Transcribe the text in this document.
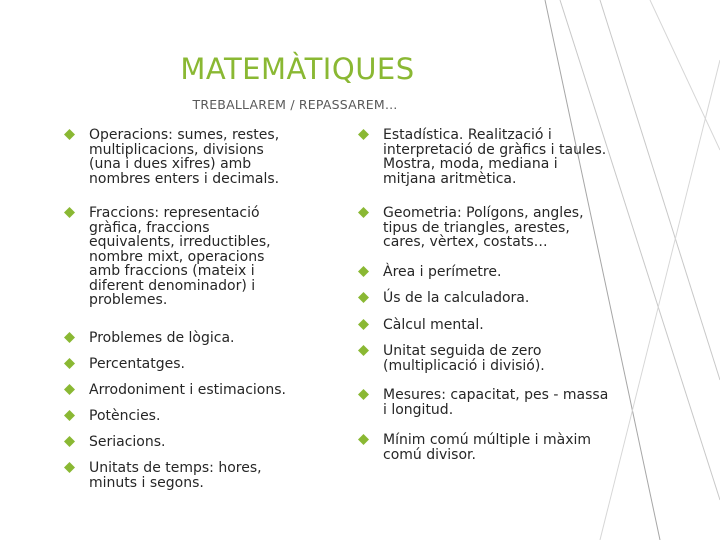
MATEMÀTIQUES

TREBALLAREM / REPASSAREM…

Operacions: sumes, restes,
multiplicacions, divisions
(una i dues xifres) amb
nombres enters i decimals.
Fraccions: representació
gràfica, fraccions
equivalents, irreductibles,
nombre mixt, operacions
amb fraccions (mateix i
diferent denominador) i
problemes.
Problemes de lògica.
Percentatges.
Arrodoniment i estimacions.
Potències.
Seriacions.
Unitats de temps: hores,
minuts i segons.
Estadística. Realització i
interpretació de gràfics i taules.
Mostra, moda, mediana i
mitjana aritmètica.
Geometria: Polígons, angles,
tipus de triangles, arestes,
cares, vèrtex, costats…
Àrea i perímetre.
Ús de la calculadora.
Càlcul mental.
Unitat seguida de zero
(multiplicació i divisió).
Mesures: capacitat, pes - massa
i longitud.
Mínim comú múltiple i màxim
comú divisor.
